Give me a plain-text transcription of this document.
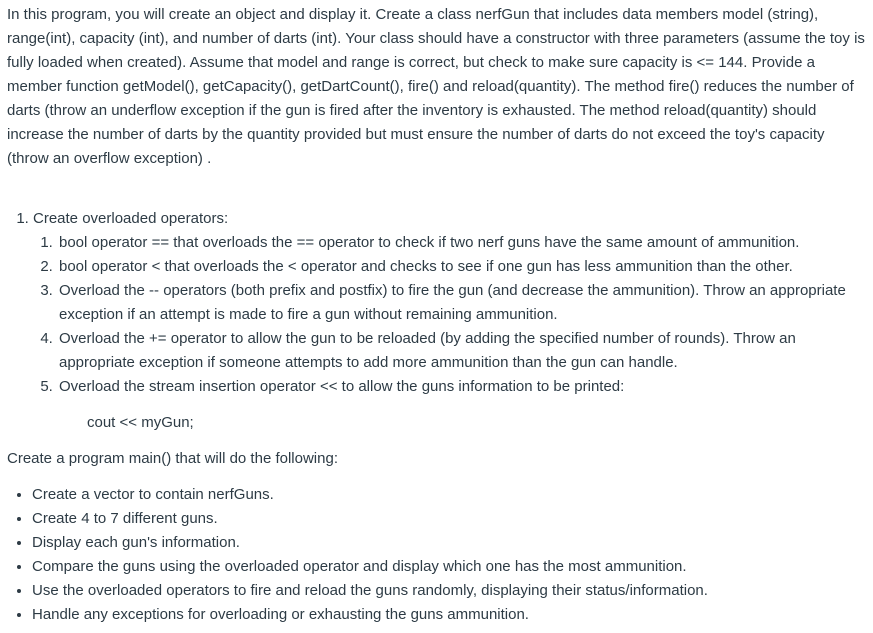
In this program, you will create an object and display it. Create a class nerfGun that includes data members model (string), range(int), capacity (int), and number of darts (int). Your class should have a constructor with three parameters (assume the toy is fully loaded when created). Assume that model and range is correct, but check to make sure capacity is <= 144. Provide a member function getModel(), getCapacity(), getDartCount(), fire() and reload(quantity). The method fire() reduces the number of darts (throw an underflow exception if the gun is fired after the inventory is exhausted. The method reload(quantity) should increase the number of darts by the quantity provided but must ensure the number of darts do not exceed the toy's capacity (throw an overflow exception) .

1. Create overloaded operators:
1. bool operator == that overloads the == operator to check if two nerf guns have the same amount of ammunition.
2. bool operator < that overloads the < operator and checks to see if one gun has less ammunition than the other.
3. Overload the -- operators (both prefix and postfix) to fire the gun (and decrease the ammunition). Throw an appropriate exception if an attempt is made to fire a gun without remaining ammunition.
4. Overload the += operator to allow the gun to be reloaded (by adding the specified number of rounds). Throw an appropriate exception if someone attempts to add more ammunition than the gun can handle.
5. Overload the stream insertion operator << to allow the guns information to be printed:

cout << myGun;

Create a program main() that will do the following:

• Create a vector to contain nerfGuns.
• Create 4 to 7 different guns.
• Display each gun's information.
• Compare the guns using the overloaded operator and display which one has the most ammunition.
• Use the overloaded operators to fire and reload the guns randomly, displaying their status/information.
• Handle any exceptions for overloading or exhausting the guns ammunition.
